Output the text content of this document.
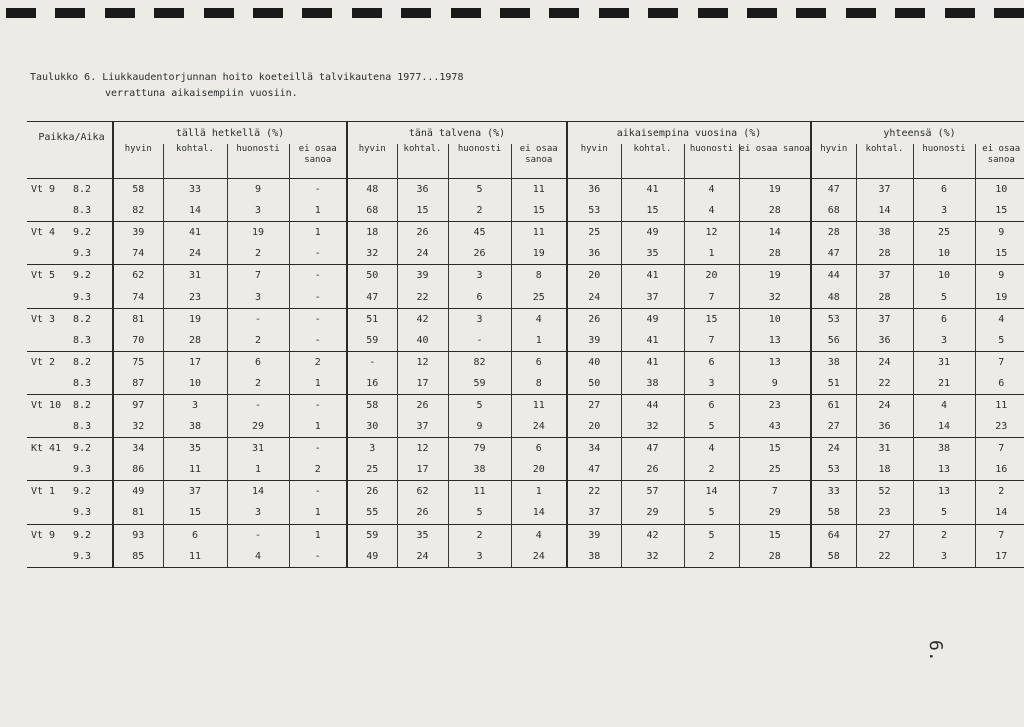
Taulukko 6. Liukkaudentorjunnan hoito koeteillä talvikautena 1977...1978
verrattuna aikaisempiin vuosiin.
Paikka/Aika	tällä hetkellä (%)				tänä talvena (%)				aikaisempina vuosina (%)				yhteensä (%)			
	hyvin	kohtal.	huonosti	ei osaa sanoa	hyvin	kohtal.	huonosti	ei osaa sanoa	hyvin	kohtal.	huonosti	ei osaa sanoa	hyvin	kohtal.	huonosti	ei osaa sanoa
Vt 9 8.2	58	33	9	-	48	36	5	11	36	41	4	19	47	37	6	10
8.3	82	14	3	1	68	15	2	15	53	15	4	28	68	14	3	15
Vt 4 9.2	39	41	19	1	18	26	45	11	25	49	12	14	28	38	25	9
9.3	74	24	2	-	32	24	26	19	36	35	1	28	47	28	10	15
Vt 5 9.2	62	31	7	-	50	39	3	8	20	41	20	19	44	37	10	9
9.3	74	23	3	-	47	22	6	25	24	37	7	32	48	28	5	19
Vt 3 8.2	81	19	-	-	51	42	3	4	26	49	15	10	53	37	6	4
8.3	70	28	2	-	59	40	-	1	39	41	7	13	56	36	3	5
Vt 2 8.2	75	17	6	2	-	12	82	6	40	41	6	13	38	24	31	7
8.3	87	10	2	1	16	17	59	8	50	38	3	9	51	22	21	6
Vt 10 8.2	97	3	-	-	58	26	5	11	27	44	6	23	61	24	4	11
8.3	32	38	29	1	30	37	9	24	20	32	5	43	27	36	14	23
Kt 41 9.2	34	35	31	-	3	12	79	6	34	47	4	15	24	31	38	7
9.3	86	11	1	2	25	17	38	20	47	26	2	25	53	18	13	16
Vt 1 9.2	49	37	14	-	26	62	11	1	22	57	14	7	33	52	13	2
9.3	81	15	3	1	55	26	5	14	37	29	5	29	58	23	5	14
Vt 9 9.2	93	6	-	1	59	35	2	4	39	42	5	15	64	27	2	7
9.3	85	11	4	-	49	24	3	24	38	32	2	28	58	22	3	17
6.
